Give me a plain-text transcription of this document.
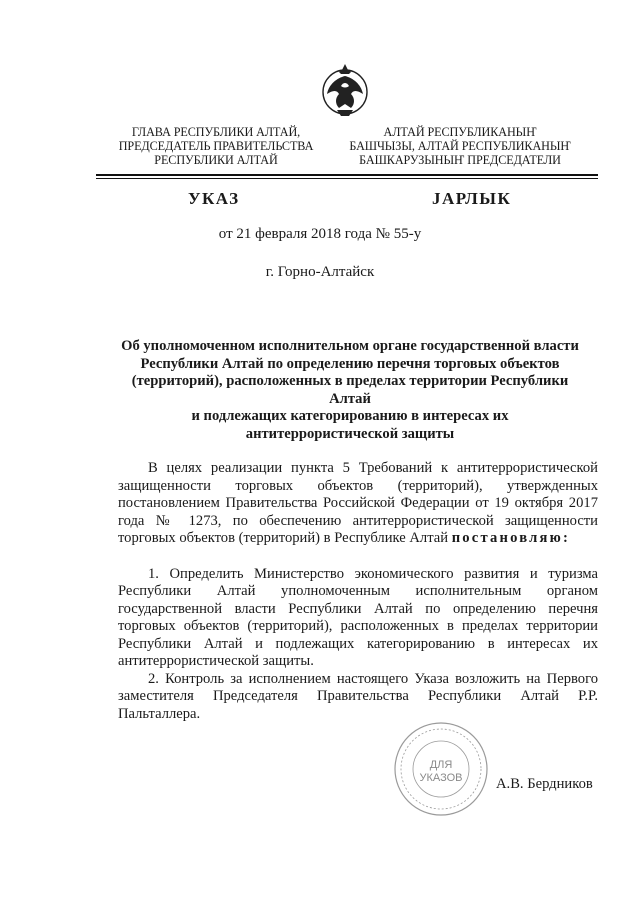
ГЛАВА РЕСПУБЛИКИ АЛТАЙ,
ПРЕДСЕДАТЕЛЬ ПРАВИТЕЛЬСТВА
РЕСПУБЛИКИ АЛТАЙ
АЛТАЙ РЕСПУБЛИКАНЫҤ
БАШЧЫЗЫ, АЛТАЙ РЕСПУБЛИКАНЫҤ
БАШКАРУЗЫНЫҤ ПРЕДСЕДАТЕЛИ
УКАЗ	JАРЛЫК
от 21 февраля 2018 года № 55-у
г. Горно-Алтайск
Об уполномоченном исполнительном органе государственной власти
Республики Алтай по определению перечня торговых объектов
(территорий), расположенных в пределах территории Республики Алтай
и подлежащих категорированию в интересах их
антитеррористической защиты

В целях реализации пункта 5 Требований к антитеррористической защищенности торговых объектов (территорий), утвержденных постановлением Правительства Российской Федерации от 19 октября 2017 года № 1273, по обеспечению антитеррористической защищенности торговых объектов (территорий) в Республике Алтай постановляю:

1. Определить Министерство экономического развития и туризма Республики Алтай уполномоченным исполнительным органом государственной власти Республики Алтай по определению перечня торговых объектов (территорий), расположенных в пределах территории Республики Алтай и подлежащих категорированию в интересах их антитеррористической защиты.

2. Контроль за исполнением настоящего Указа возложить на Первого заместителя Председателя Правительства Республики Алтай Р.Р. Пальталлера.

ДЛЯ
УКАЗОВ А.В. Бердников
